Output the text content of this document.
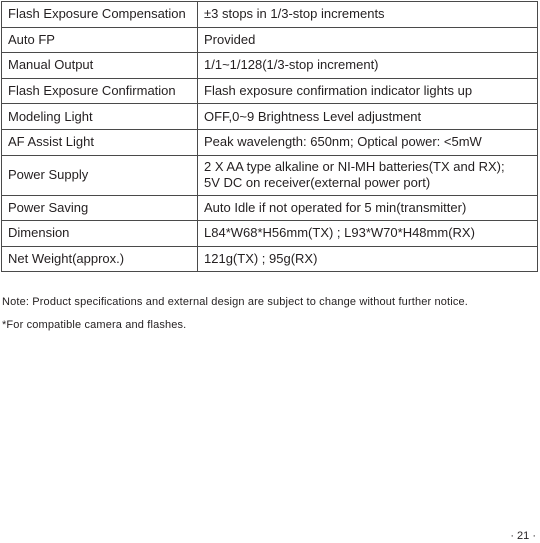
Flash Exposure Compensation	±3 stops in 1/3-stop increments
Auto FP	Provided
Manual Output	1/1~1/128(1/3-stop increment)
Flash Exposure Confirmation	Flash exposure confirmation indicator lights up
Modeling Light	OFF,0~9 Brightness Level adjustment
AF Assist Light	Peak wavelength: 650nm; Optical power: <5mW
Power Supply	2 X AA type alkaline or NI-MH batteries(TX and RX);
5V DC on receiver(external power port)
Power Saving	Auto Idle if not operated for 5 min(transmitter)
Dimension	L84*W68*H56mm(TX) ; L93*W70*H48mm(RX)
Net Weight(approx.)	121g(TX) ; 95g(RX)
Note: Product specifications and external design are subject to change without further notice.
*For compatible camera and flashes.
· 21 ·
